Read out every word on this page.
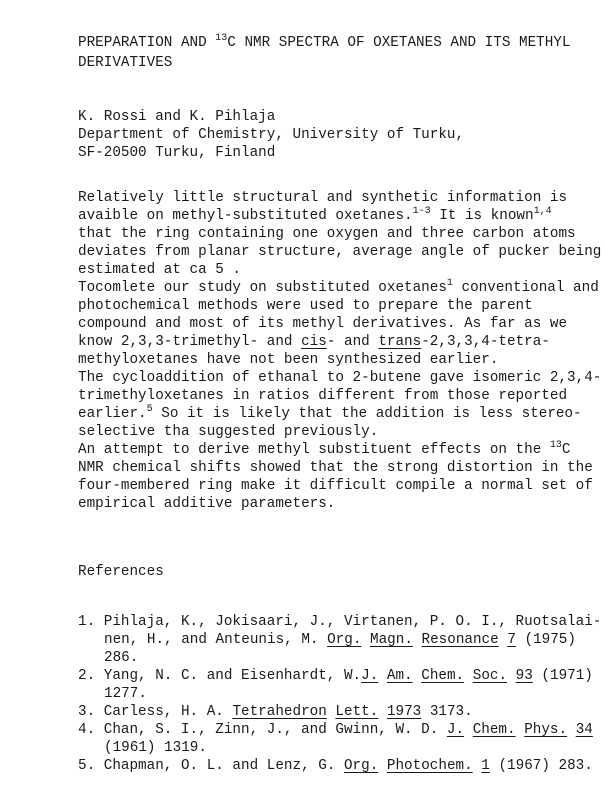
PREPARATION AND $^{13}$C NMR SPECTRA OF OXETANES AND ITS METHYL
DERIVATIVES
K. Rossi and K. Pihlaja
Department of Chemistry, University of Turku,
SF-20500 Turku, Finland
Relatively little structural and synthetic information is
avaible on methyl-substituted oxetanes.$^{1-3}$ It is known$^{1,4}$
that the ring containing one oxygen and three carbon atoms
deviates from planar structure, average angle of pucker being
estimated at ca 5 .
Tocomlete our study on substituted oxetanes$^1$ conventional and
photochemical methods were used to prepare the parent
compound and most of its methyl derivatives. As far as we
know 2,3,3-trimethyl- and cis- and trans-2,3,3,4-tetra-
methyloxetanes have not been synthesized earlier.
The cycloaddition of ethanal to 2-butene gave isomeric 2,3,4-
trimethyloxetanes in ratios different from those reported
earlier.$^5$ So it is likely that the addition is less stereo-
selective tha suggested previously.
An attempt to derive methyl substituent effects on the $^{13}$C
NMR chemical shifts showed that the strong distortion in the
four-membered ring make it difficult compile a normal set of
empirical additive parameters.

References

1. Pihlaja, K., Jokisaari, J., Virtanen, P. O. I., Ruotsalai-
nen, H., and Anteunis, M. Org. Magn. Resonance 7 (1975)
286.
2. Yang, N. C. and Eisenhardt, W.J. Am. Chem. Soc. 93 (1971)
1277.
3. Carless, H. A. Tetrahedron Lett. 1973 3173.
4. Chan, S. I., Zinn, J., and Gwinn, W. D. J. Chem. Phys. 34
(1961) 1319.
5. Chapman, O. L. and Lenz, G. Org. Photochem. 1 (1967) 283.
